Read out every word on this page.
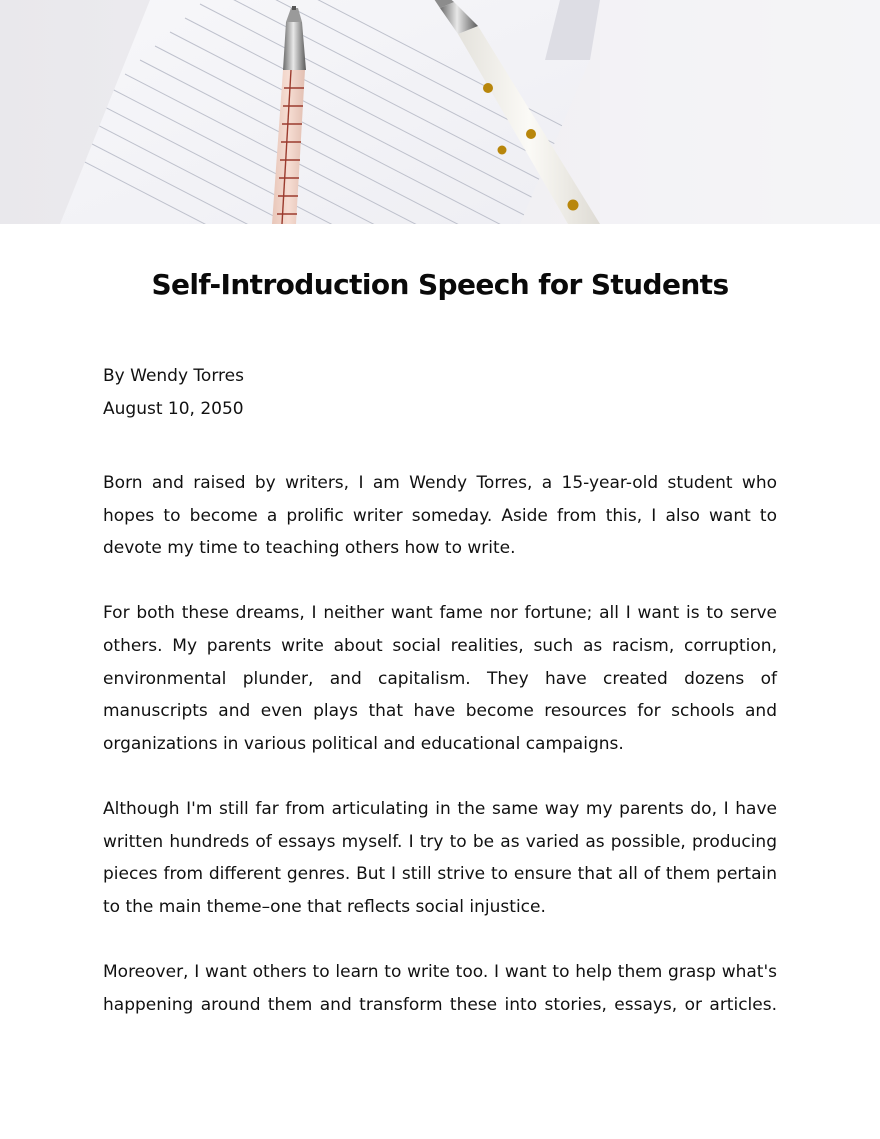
Self-Introduction Speech for Students
By Wendy Torres
August 10, 2050

Born and raised by writers, I am Wendy Torres, a 15-year-old student who hopes to become a prolific writer someday. Aside from this, I also want to devote my time to teaching others how to write.

For both these dreams, I neither want fame nor fortune; all I want is to serve others. My parents write about social realities, such as racism, corruption, environmental plunder, and capitalism. They have created dozens of manuscripts and even plays that have become resources for schools and organizations in various political and educational campaigns.

Although I'm still far from articulating in the same way my parents do, I have written hundreds of essays myself. I try to be as varied as possible, producing pieces from different genres. But I still strive to ensure that all of them pertain to the main theme–one that reflects social injustice.

Moreover, I want others to learn to write too. I want to help them grasp what's happening around them and transform these into stories, essays, or articles.
